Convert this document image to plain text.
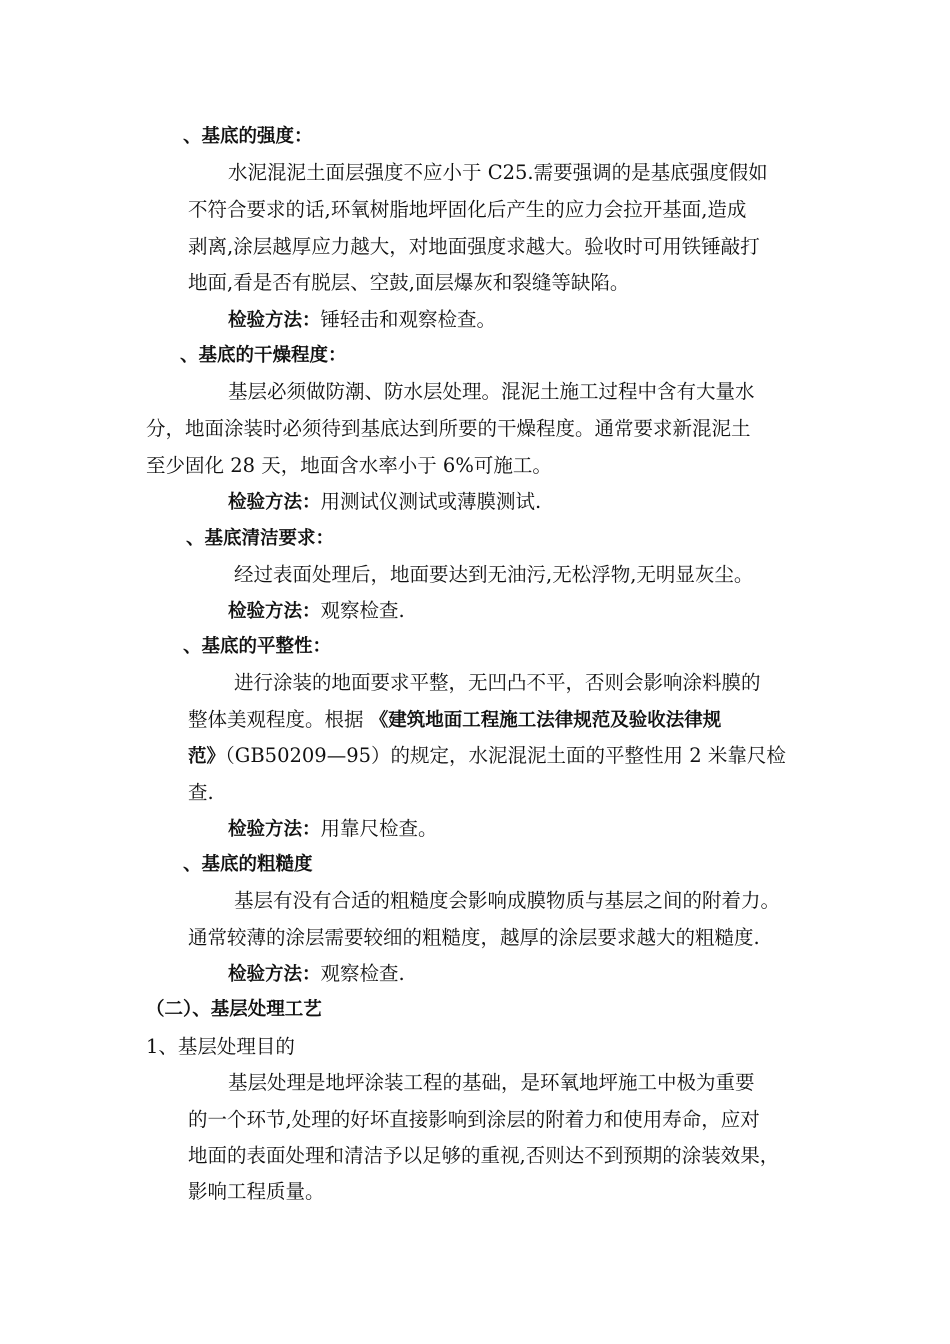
、基底的强度：
水泥混泥土面层强度不应小于 C25.需要强调的是基底强度假如
不符合要求的话,环氧树脂地坪固化后产生的应力会拉开基面,造成
剥离,涂层越厚应力越大，对地面强度求越大。验收时可用铁锤敲打
地面,看是否有脱层、空鼓,面层爆灰和裂缝等缺陷。
检验方法：锤轻击和观察检查。
、基底的干燥程度：
基层必须做防潮、防水层处理。混泥土施工过程中含有大量水
分，地面涂装时必须待到基底达到所要的干燥程度。通常要求新混泥土
至少固化 28 天，地面含水率小于 6%可施工。
检验方法：用测试仪测试或薄膜测试.
、基底清洁要求：
经过表面处理后，地面要达到无油污,无松浮物,无明显灰尘。
检验方法：观察检查.
、基底的平整性：
进行涂装的地面要求平整，无凹凸不平，否则会影响涂料膜的
整体美观程度。根据 《建筑地面工程施工法律规范及验收法律规
范》（GB50209—95）的规定，水泥混泥土面的平整性用 2 米靠尺检
查.
检验方法：用靠尺检查。
、基底的粗糙度
基层有没有合适的粗糙度会影响成膜物质与基层之间的附着力。
通常较薄的涂层需要较细的粗糙度，越厚的涂层要求越大的粗糙度.
检验方法：观察检查.
（二）、基层处理工艺
1、基层处理目的
基层处理是地坪涂装工程的基础，是环氧地坪施工中极为重要
的一个环节,处理的好坏直接影响到涂层的附着力和使用寿命，应对
地面的表面处理和清洁予以足够的重视,否则达不到预期的涂装效果，
影响工程质量。
